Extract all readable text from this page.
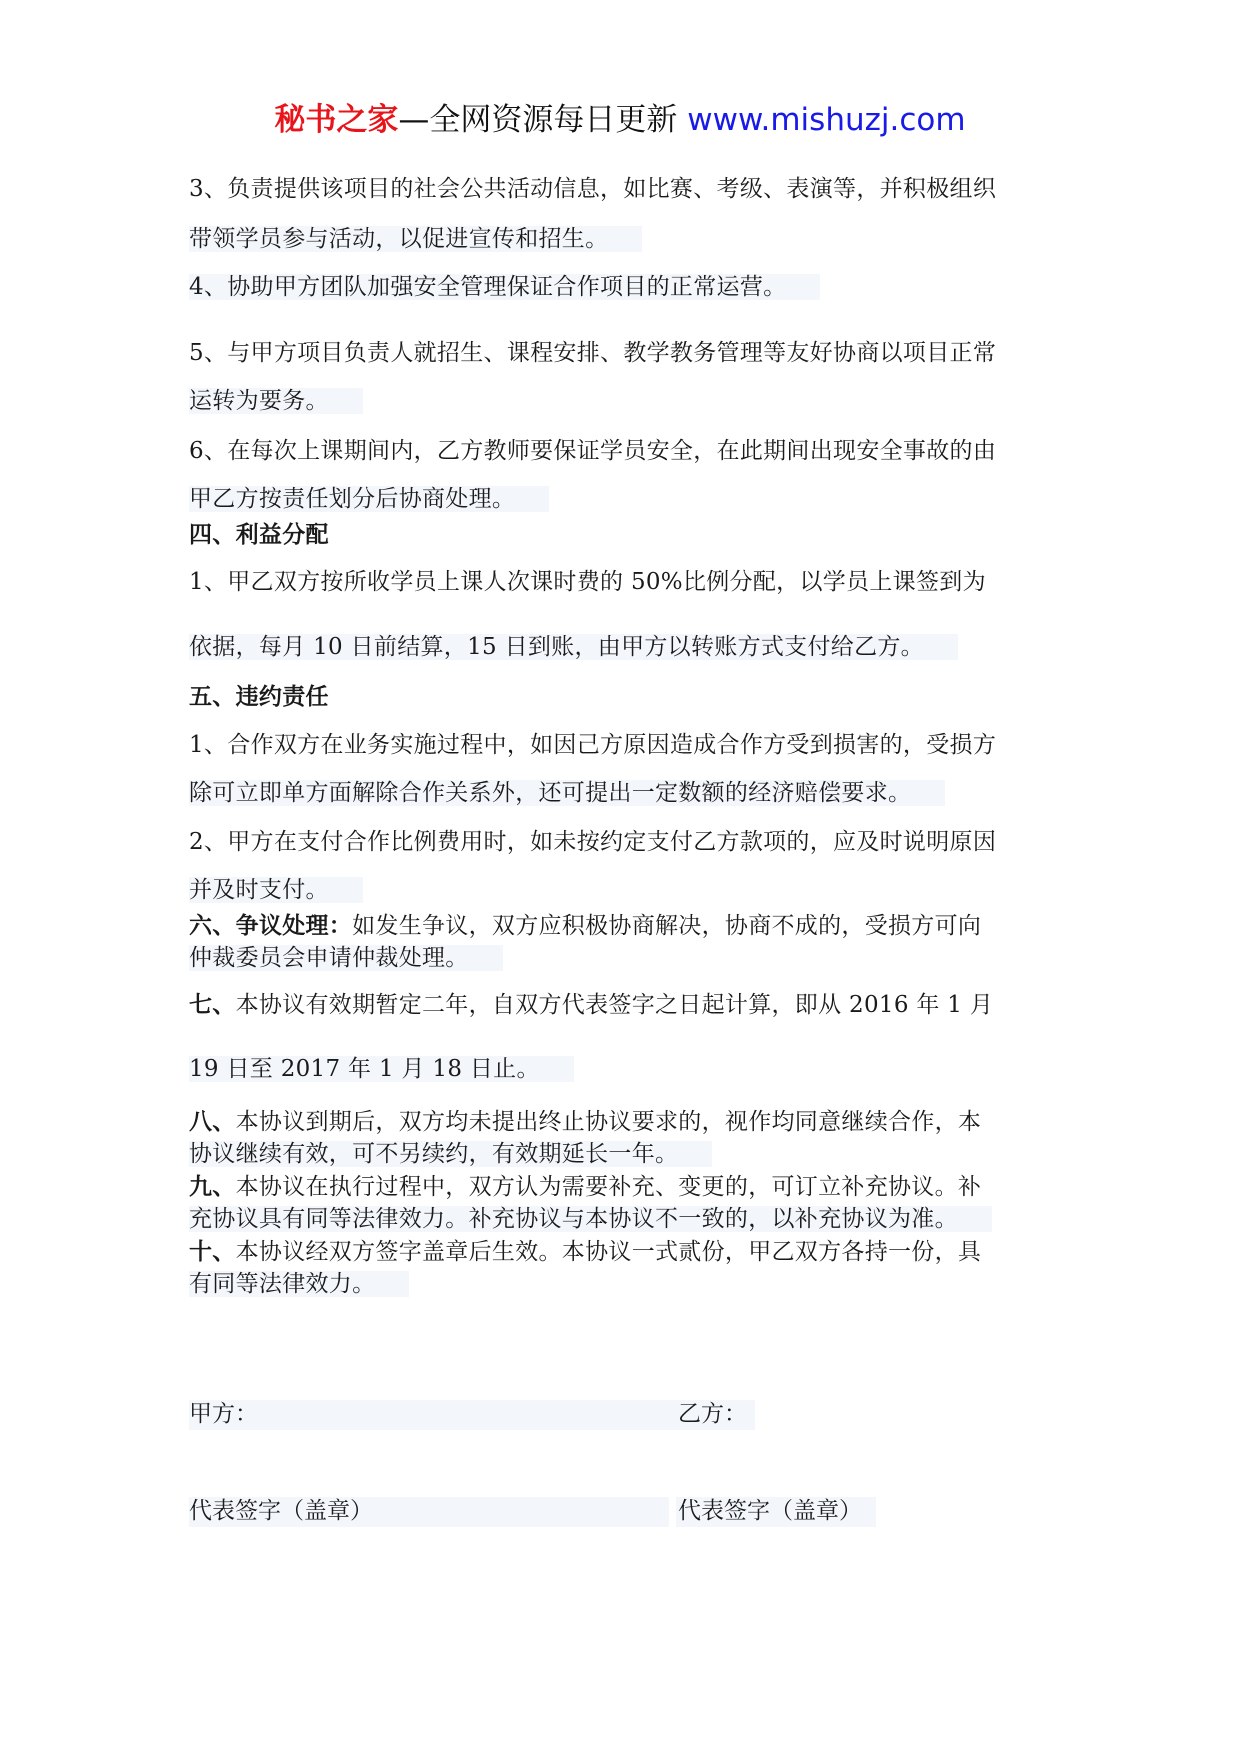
秘书之家—全网资源每日更新 www.mishuzj.com
3、负责提供该项目的社会公共活动信息，如比赛、考级、表演等，并积极组织
带领学员参与活动，以促进宣传和招生。
4、协助甲方团队加强安全管理保证合作项目的正常运营。
5、与甲方项目负责人就招生、课程安排、教学教务管理等友好协商以项目正常
运转为要务。
6、在每次上课期间内，乙方教师要保证学员安全，在此期间出现安全事故的由
甲乙方按责任划分后协商处理。
四、利益分配
1、甲乙双方按所收学员上课人次课时费的 50%比例分配，以学员上课签到为
依据，每月 10 日前结算，15 日到账，由甲方以转账方式支付给乙方。
五、违约责任
1、合作双方在业务实施过程中，如因己方原因造成合作方受到损害的，受损方
除可立即单方面解除合作关系外，还可提出一定数额的经济赔偿要求。
2、甲方在支付合作比例费用时，如未按约定支付乙方款项的，应及时说明原因
并及时支付。
六、争议处理：如发生争议，双方应积极协商解决，协商不成的，受损方可向
仲裁委员会申请仲裁处理。
七、本协议有效期暂定二年，自双方代表签字之日起计算，即从 2016 年 1 月
19 日至 2017 年 1 月 18 日止。
八、本协议到期后，双方均未提出终止协议要求的，视作均同意继续合作，本
协议继续有效，可不另续约，有效期延长一年。
九、本协议在执行过程中，双方认为需要补充、变更的，可订立补充协议。补
充协议具有同等法律效力。补充协议与本协议不一致的，以补充协议为准。
十、本协议经双方签字盖章后生效。本协议一式贰份，甲乙双方各持一份，具
有同等法律效力。
甲方：	乙方：
代表签字（盖章）	代表签字（盖章）
